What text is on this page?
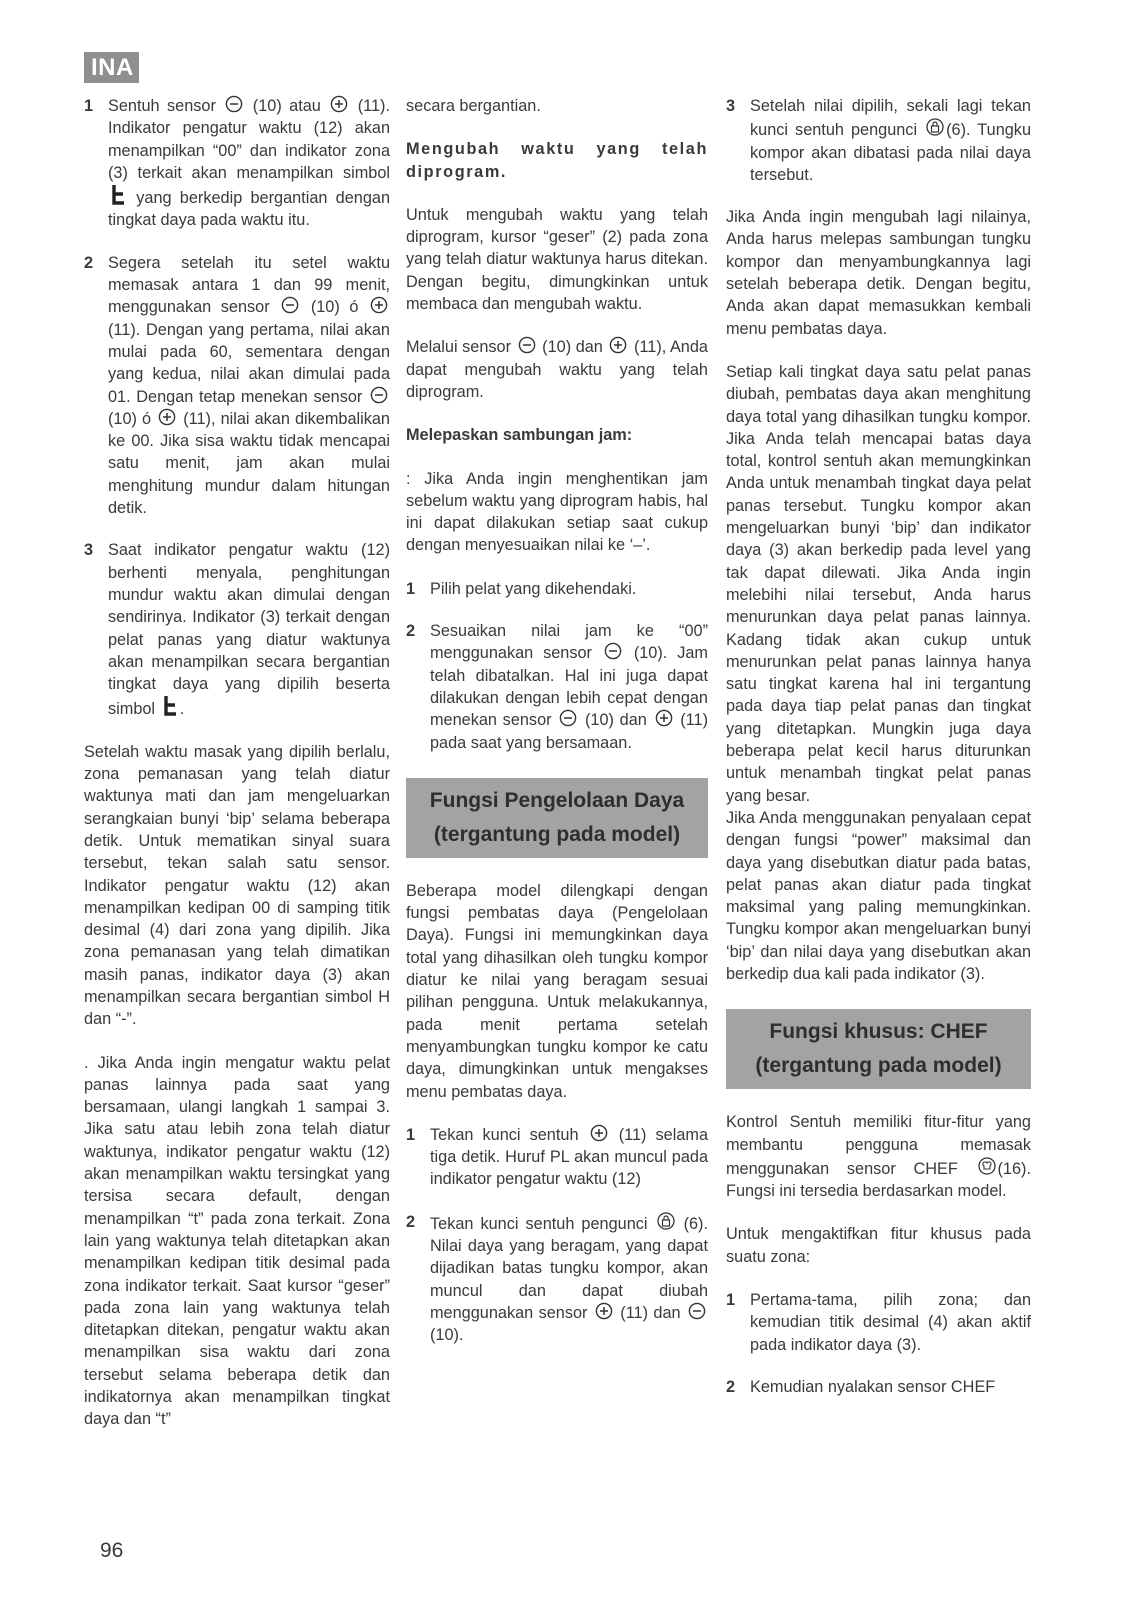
INA
1 Sentuh sensor (10) atau (11). Indikator pengatur waktu (12) akan menampilkan “00” dan indikator zona (3) terkait akan menampilkan simbol  yang berkedip bergantian dengan tingkat daya pada waktu itu.
2 Segera setelah itu setel waktu memasak antara 1 dan 99 menit, menggunakan sensor	(10) ó  (11). Dengan yang pertama, nilai akan mulai pada 60, sementara dengan yang kedua, nilai akan dimulai pada 01. Dengan tetap menekan sensor  (10) ó (11), nilai akan dikembalikan ke 00. Jika sisa waktu tidak mencapai satu menit, jam akan mulai menghitung mundur dalam hitungan detik.
3 Saat indikator pengatur waktu (12) berhenti menyala, penghitungan mundur waktu akan dimulai dengan sendirinya. Indikator (3) terkait dengan pelat panas yang diatur waktunya akan menampilkan secara bergantian tingkat daya yang dipilih beserta simbol .

Setelah waktu masak yang dipilih berlalu, zona pemanasan yang telah diatur waktunya mati dan jam mengeluarkan serangkaian bunyi ‘bip’ selama beberapa detik. Untuk mematikan sinyal suara tersebut, tekan salah satu sensor. Indikator pengatur waktu (12) akan menampilkan kedipan 00 di samping titik desimal (4) dari zona yang dipilih. Jika zona pemanasan yang telah dimatikan masih panas, indikator daya (3) akan menampilkan secara bergantian simbol H dan “-”.

. Jika Anda ingin mengatur waktu pelat panas lainnya pada saat yang bersamaan, ulangi langkah 1 sampai 3. Jika satu atau lebih zona telah diatur waktunya, indikator pengatur waktu (12) akan menampilkan waktu tersingkat yang tersisa secara default, dengan menampilkan “t” pada zona terkait. Zona lain yang waktunya telah ditetapkan akan menampilkan kedipan titik desimal pada zona indikator terkait. Saat kursor “geser” pada zona lain yang waktunya telah ditetapkan ditekan, pengatur waktu akan menampilkan sisa waktu dari zona tersebut selama beberapa detik dan indikatornya akan menampilkan tingkat daya dan “t”

secara bergantian.

Mengubah waktu yang telah diprogram.

Untuk mengubah waktu yang telah diprogram, kursor “geser” (2) pada zona yang telah diatur waktunya harus ditekan. Dengan begitu, dimungkinkan untuk membaca dan mengubah waktu.

Melalui sensor (10) dan (11), Anda dapat mengubah waktu yang telah diprogram.

Melepaskan sambungan jam:

: Jika Anda ingin menghentikan jam sebelum waktu yang diprogram habis, hal ini dapat dilakukan setiap saat cukup dengan menyesuaikan nilai ke ‘–’.

1 Pilih pelat yang dikehendaki.
2 Sesuaikan nilai jam ke “00” menggunakan sensor	(10). Jam telah dibatalkan. Hal ini juga dapat dilakukan dengan lebih cepat dengan menekan sensor (10) dan (11) pada saat yang bersamaan.
Fungsi Pengelolaan Daya (tergantung pada model)

Beberapa model dilengkapi dengan fungsi pembatas daya (Pengelolaan Daya). Fungsi ini memungkinkan daya total yang dihasilkan oleh tungku kompor diatur ke nilai yang beragam sesuai pilihan pengguna. Untuk melakukannya, pada menit pertama setelah menyambungkan tungku kompor ke catu daya, dimungkinkan untuk mengakses menu pembatas daya.

1 Tekan kunci sentuh (11) selama tiga detik. Huruf PL akan muncul pada indikator pengatur waktu (12)
2 Tekan kunci sentuh pengunci (6). Nilai daya yang beragam, yang dapat dijadikan batas tungku kompor, akan muncul dan dapat diubah menggunakan sensor (11) dan  (10).
3 Setelah nilai dipilih, sekali lagi tekan kunci sentuh pengunci (6). Tungku kompor akan dibatasi pada nilai daya tersebut.

Jika Anda ingin mengubah lagi nilainya, Anda harus melepas sambungan tungku kompor dan menyambungkannya lagi setelah beberapa detik. Dengan begitu, Anda akan dapat memasukkan kembali menu pembatas daya.

Setiap kali tingkat daya satu pelat panas diubah, pembatas daya akan menghitung daya total yang dihasilkan tungku kompor. Jika Anda telah mencapai batas daya total, kontrol sentuh akan memungkinkan Anda untuk menambah tingkat daya pelat panas tersebut. Tungku kompor akan mengeluarkan bunyi ‘bip’ dan indikator daya (3) akan berkedip pada level yang tak dapat dilewati. Jika Anda ingin melebihi nilai tersebut, Anda harus menurunkan daya pelat panas lainnya. Kadang tidak akan cukup untuk menurunkan pelat panas lainnya hanya satu tingkat karena hal ini tergantung pada daya tiap pelat panas dan tingkat yang ditetapkan. Mungkin juga daya beberapa pelat kecil harus diturunkan untuk menambah tingkat pelat panas yang besar.

Jika Anda menggunakan penyalaan cepat dengan fungsi “power” maksimal dan daya yang disebutkan diatur pada batas, pelat panas akan diatur pada tingkat maksimal yang paling memungkinkan. Tungku kompor akan mengeluarkan bunyi ‘bip’ dan nilai daya yang disebutkan akan berkedip dua kali pada indikator (3).

Fungsi khusus: CHEF (tergantung pada model)

Kontrol Sentuh memiliki fitur-fitur yang membantu pengguna memasak menggunakan sensor CHEF (16). Fungsi ini tersedia berdasarkan model.

Untuk mengaktifkan fitur khusus pada suatu zona:

1 Pertama-tama, pilih zona; dan kemudian titik desimal (4) akan aktif pada indikator daya (3).
2 Kemudian nyalakan sensor CHEF
96
